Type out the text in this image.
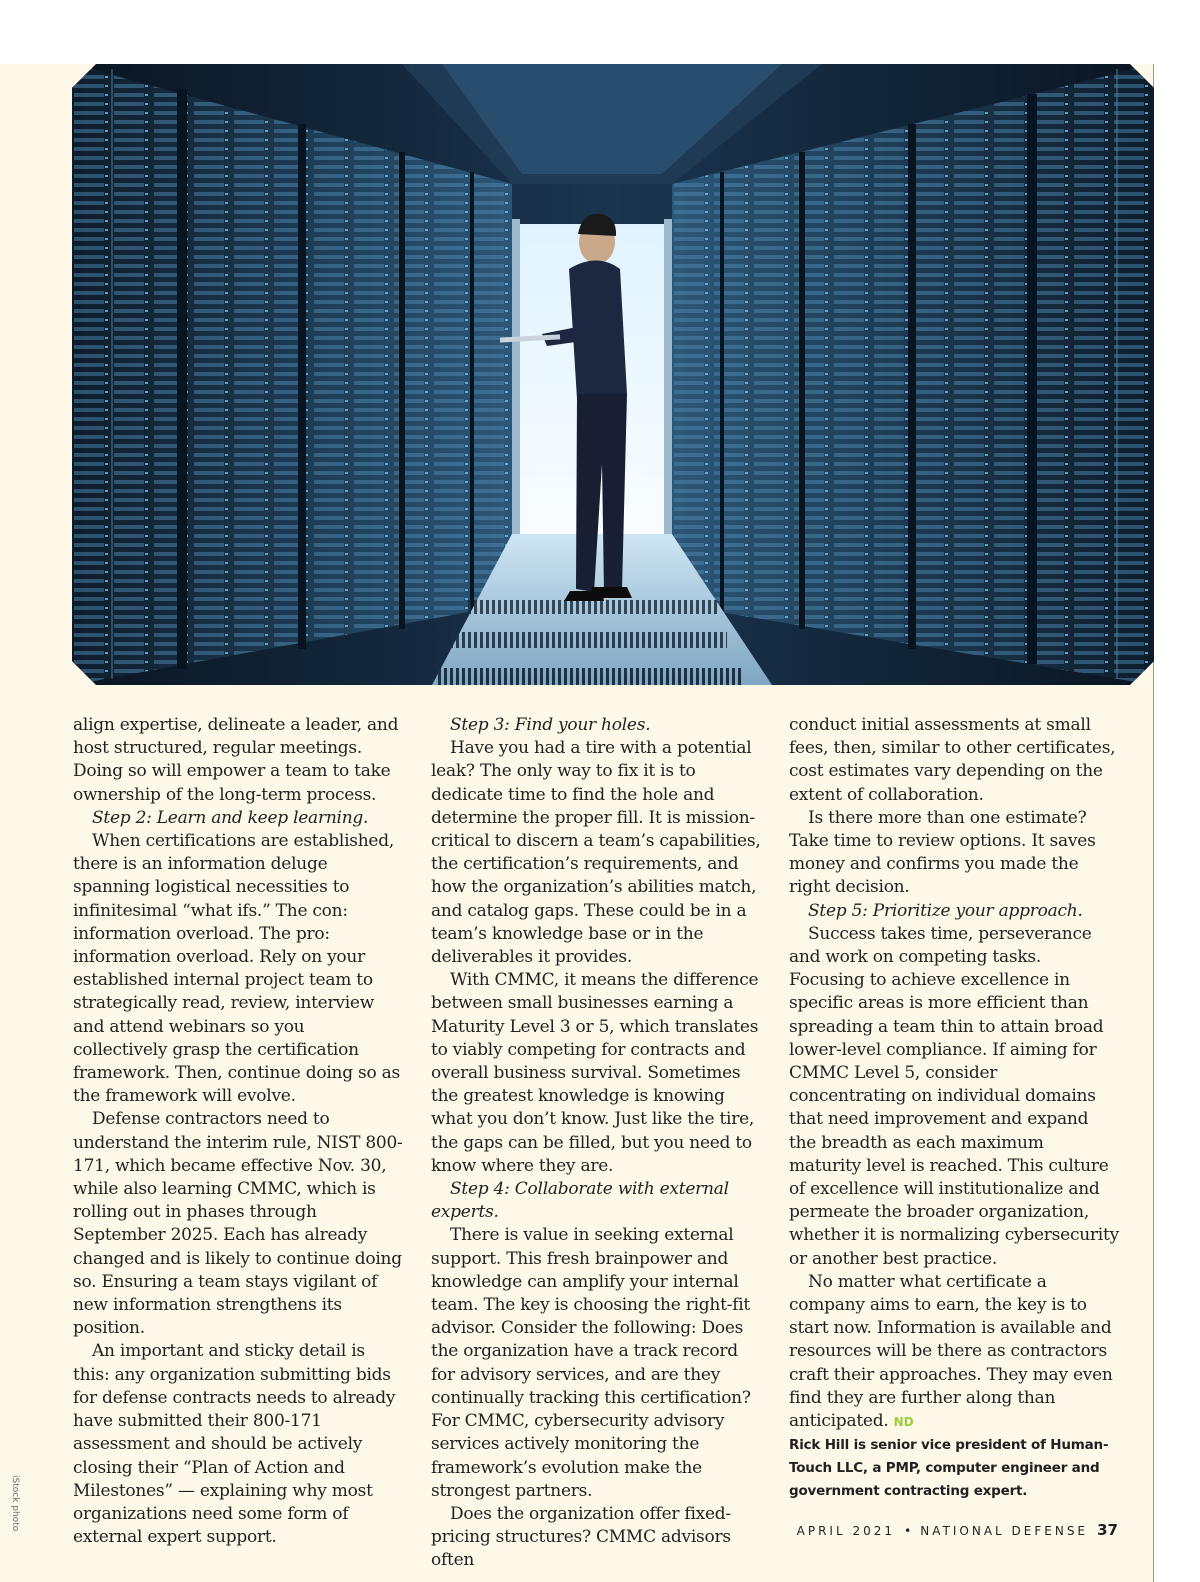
iStock photo

align expertise, delineate a leader, and host structured, regular meetings. Doing so will empower a team to take ownership of the long-term process.

Step 2: Learn and keep learning.

When certifications are established, there is an information deluge spanning logistical necessities to infinitesimal “what ifs.” The con: information overload. The pro: information overload. Rely on your established internal project team to strategically read, review, interview and attend webinars so you collectively grasp the certification framework. Then, continue doing so as the framework will evolve.

Defense contractors need to understand the interim rule, NIST 800-171, which became effective Nov. 30, while also learning CMMC, which is rolling out in phases through September 2025. Each has already changed and is likely to continue doing so. Ensuring a team stays vigilant of new information strengthens its position.

An important and sticky detail is this: any organization submitting bids for defense contracts needs to already have submitted their 800-171 assessment and should be actively closing their “Plan of Action and Milestones” — explaining why most organizations need some form of external expert support.

Step 3: Find your holes.

Have you had a tire with a potential leak? The only way to fix it is to dedicate time to find the hole and determine the proper fill. It is mission-critical to discern a team’s capabilities, the certification’s requirements, and how the organization’s abilities match, and catalog gaps. These could be in a team’s knowledge base or in the deliverables it provides.

With CMMC, it means the difference between small businesses earning a Maturity Level 3 or 5, which translates to viably competing for contracts and overall business survival. Sometimes the greatest knowledge is knowing what you don’t know. Just like the tire, the gaps can be filled, but you need to know where they are.

Step 4: Collaborate with external experts.

There is value in seeking external support. This fresh brainpower and knowledge can amplify your internal team. The key is choosing the right-fit advisor. Consider the following: Does the organization have a track record for advisory services, and are they continually tracking this certification? For CMMC, cybersecurity advisory services actively monitoring the framework’s evolution make the strongest partners.

Does the organization offer fixed-pricing structures? CMMC advisors often

conduct initial assessments at small fees, then, similar to other certificates, cost estimates vary depending on the extent of collaboration.

Is there more than one estimate? Take time to review options. It saves money and confirms you made the right decision.

Step 5: Prioritize your approach.

Success takes time, perseverance and work on competing tasks. Focusing to achieve excellence in specific areas is more efficient than spreading a team thin to attain broad lower-level compliance. If aiming for CMMC Level 5, consider concentrating on individual domains that need improvement and expand the breadth as each maximum maturity level is reached. This culture of excellence will institutionalize and permeate the broader organization, whether it is normalizing cybersecurity or another best practice.

No matter what certificate a company aims to earn, the key is to start now. Information is available and resources will be there as contractors craft their approaches. They may even find they are further along than anticipated. ND

Rick Hill is senior vice president of Human-Touch LLC, a PMP, computer engineer and government contracting expert.

APRIL 2021 • NATIONAL DEFENSE 37
